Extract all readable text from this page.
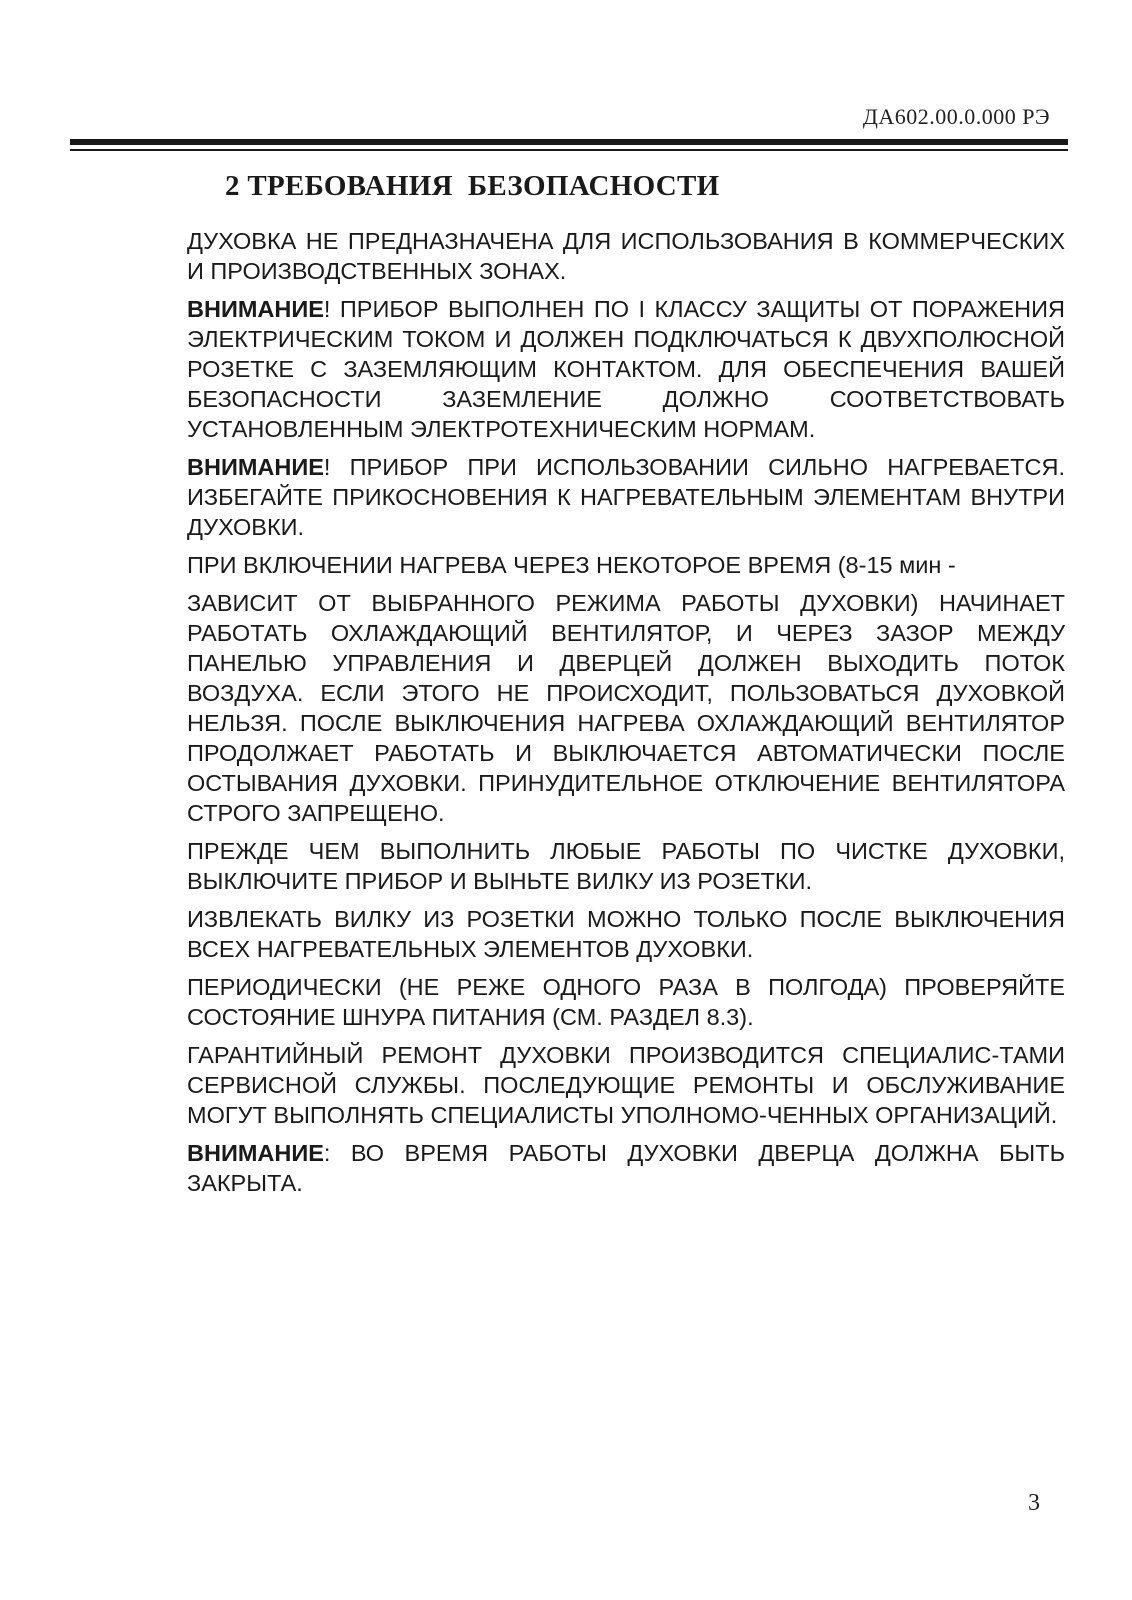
ДА602.00.0.000 РЭ
2 ТРЕБОВАНИЯ  БЕЗОПАСНОСТИ

ДУХОВКА НЕ ПРЕДНАЗНАЧЕНА ДЛЯ ИСПОЛЬЗОВАНИЯ В КОММЕРЧЕСКИХ И ПРОИЗВОДСТВЕННЫХ ЗОНАХ.

ВНИМАНИЕ! ПРИБОР ВЫПОЛНЕН ПО I КЛАССУ ЗАЩИТЫ ОТ ПОРАЖЕНИЯ ЭЛЕКТРИЧЕСКИМ ТОКОМ И ДОЛЖЕН ПОДКЛЮЧАТЬСЯ К ДВУХПОЛЮСНОЙ РОЗЕТКЕ С ЗАЗЕМЛЯЮЩИМ КОНТАКТОМ. ДЛЯ ОБЕСПЕЧЕНИЯ ВАШЕЙ БЕЗОПАСНОСТИ ЗАЗЕМЛЕНИЕ ДОЛЖНО СООТВЕТСТВОВАТЬ УСТАНОВЛЕННЫМ ЭЛЕКТРОТЕХНИЧЕСКИМ НОРМАМ.

ВНИМАНИЕ! ПРИБОР ПРИ ИСПОЛЬЗОВАНИИ СИЛЬНО НАГРЕВАЕТСЯ. ИЗБЕГАЙТЕ ПРИКОСНОВЕНИЯ К НАГРЕВАТЕЛЬНЫМ ЭЛЕМЕНТАМ ВНУТРИ ДУХОВКИ.

ПРИ ВКЛЮЧЕНИИ НАГРЕВА ЧЕРЕЗ НЕКОТОРОЕ ВРЕМЯ (8-15 мин -

ЗАВИСИТ ОТ ВЫБРАННОГО РЕЖИМА РАБОТЫ ДУХОВКИ) НАЧИНАЕТ РАБОТАТЬ ОХЛАЖДАЮЩИЙ ВЕНТИЛЯТОР, И ЧЕРЕЗ ЗАЗОР МЕЖДУ ПАНЕЛЬЮ УПРАВЛЕНИЯ И ДВЕРЦЕЙ ДОЛЖЕН ВЫХОДИТЬ ПОТОК ВОЗДУХА. ЕСЛИ ЭТОГО НЕ ПРОИСХОДИТ, ПОЛЬЗОВАТЬСЯ ДУХОВКОЙ НЕЛЬЗЯ. ПОСЛЕ ВЫКЛЮЧЕНИЯ НАГРЕВА ОХЛАЖДАЮЩИЙ ВЕНТИЛЯТОР ПРОДОЛЖАЕТ РАБОТАТЬ И ВЫКЛЮЧАЕТСЯ АВТОМАТИЧЕСКИ ПОСЛЕ ОСТЫВАНИЯ ДУХОВКИ. ПРИНУДИТЕЛЬНОЕ ОТКЛЮЧЕНИЕ ВЕНТИЛЯТОРА СТРОГО ЗАПРЕЩЕНО.

ПРЕЖДЕ ЧЕМ ВЫПОЛНИТЬ ЛЮБЫЕ РАБОТЫ ПО ЧИСТКЕ ДУХОВКИ, ВЫКЛЮЧИТЕ ПРИБОР И ВЫНЬТЕ ВИЛКУ ИЗ РОЗЕТКИ.

ИЗВЛЕКАТЬ ВИЛКУ ИЗ РОЗЕТКИ МОЖНО ТОЛЬКО ПОСЛЕ ВЫКЛЮЧЕНИЯ ВСЕХ НАГРЕВАТЕЛЬНЫХ ЭЛЕМЕНТОВ ДУХОВКИ.

ПЕРИОДИЧЕСКИ (НЕ РЕЖЕ ОДНОГО РАЗА В ПОЛГОДА) ПРОВЕРЯЙТЕ СОСТОЯНИЕ ШНУРА ПИТАНИЯ (СМ. РАЗДЕЛ 8.3).

ГАРАНТИЙНЫЙ РЕМОНТ ДУХОВКИ ПРОИЗВОДИТСЯ СПЕЦИАЛИС-ТАМИ СЕРВИСНОЙ СЛУЖБЫ. ПОСЛЕДУЮЩИЕ РЕМОНТЫ И ОБСЛУЖИВАНИЕ МОГУТ ВЫПОЛНЯТЬ СПЕЦИАЛИСТЫ УПОЛНОМО-ЧЕННЫХ ОРГАНИЗАЦИЙ.

ВНИМАНИЕ: ВО ВРЕМЯ РАБОТЫ ДУХОВКИ ДВЕРЦА ДОЛЖНА БЫТЬ ЗАКРЫТА.

3
